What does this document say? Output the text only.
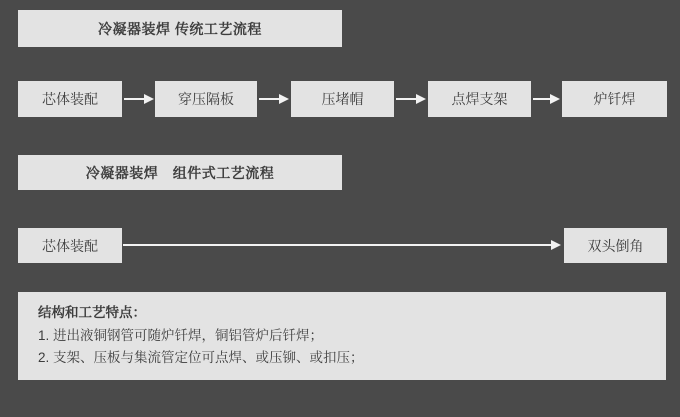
冷凝器装焊 传统工艺流程
芯体装配	穿压隔板	压堵帽	点焊支架	炉钎焊
冷凝器装焊　组件式工艺流程
芯体装配	双头倒角

结构和工艺特点：

1. 进出液铜钢管可随炉钎焊，铜铝管炉后钎焊；

2. 支架、压板与集流管定位可点焊、或压铆、或扣压；
